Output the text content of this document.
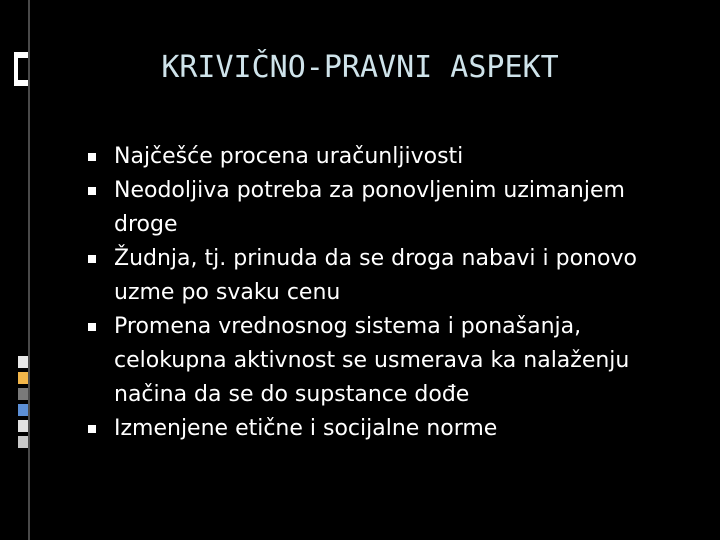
KRIVIČNO-PRAVNI ASPEKT
Najčešće procena uračunljivosti
Neodoljiva potreba za ponovljenim uzimanjem droge
Žudnja, tj. prinuda da se droga nabavi i ponovo uzme po svaku cenu
Promena vrednosnog sistema i ponašanja, celokupna aktivnost se usmerava ka nalaženju načina da se do supstance dođe
Izmenjene etične i socijalne norme
